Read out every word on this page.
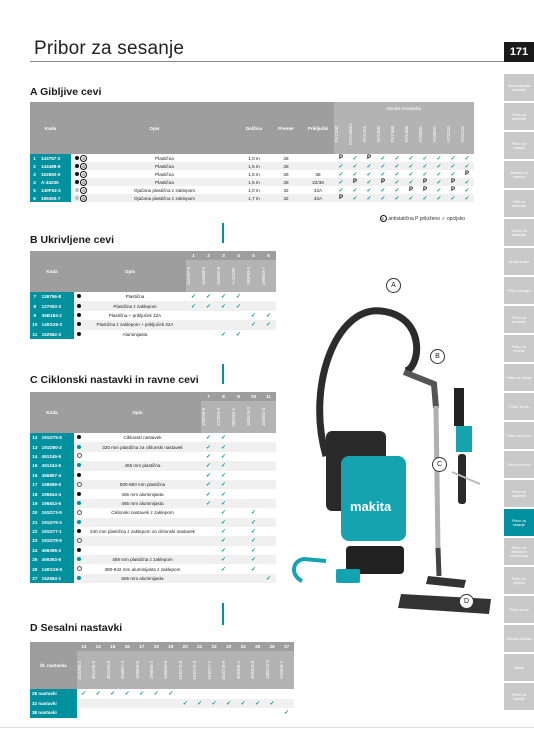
Pribor za sesanje	171
Akumulatorski sesalniki
Pribor za sesalnike
Pribor za sesanje
Nastavki za sesanje
Filtri za sesalnike
Vrečke za sesalnike
Drobni pribor
Pribor za žago
Pribor za brušenje
Pribor za rezanje
Pribor za vrtanje
Pribor za les
Pribor za kovino
Pribor za beton
Pribor za vijačenje
Pribor za sesanje
Pribor za čiščenje in vzdrževanje
Pribor za gradnjo
Pribor za vrt
Delovna oblačila
Ostalo
Pribor za baterije
A Gibljive cevi
Koda		Opis		Dolžina	Premer	Priključki	Modeli sesalnika									

							DVC260	DVC265ZX	DVC261	DVC560	DVC665	DVC660	VC008G	VC005G	VC011G	VC012G

1	143787-2	⊘	Plastična	1,0 m	28		P	✓	P	✓	✓	✓	✓	✓	✓	✓
2	144488-9	⊘	Plastična	1,5 m	28		✓	✓	✓	✓	✓	✓	✓	✓	✓	✓
3	152692-0	⊘	Plastična	1,5 m	28	38	✓	✓	✓	✓	✓	✓	✓	✓	✓	P
4	A-34235	⊘	Plastična	1,5 m	28	22/38	✓	P	✓	P	✓	✓	P	✓	P	✓
5	140F63-3	⊘	Ojačana plastična z zaklepom	1,0 m	32	32A	✓	✓	✓	✓	✓	P	P	✓	P	✓
6	199493-7	⊘	Ojačana plastična z zaklepom	1,7 m	32	32A	P	✓	✓	✓	✓	✓	✓	✓	✓	✓
⊘ antistatična P priloženo ✓ opcijsko
B Ukrivljene cevi
Koda		Opis		1	2	3	4	5	6

				143787-2	144488-9	152692-0	A-34235	140F63-3	199493-7

7	126756-8		Plastična	✓	✓	✓	✓		
8	127053-3		Plastična z zaklepom	✓	✓	✓	✓		
9	45B184-2		Plastična + priključek 32A					✓	✓
10	140G26-3		Plastična z zaklepom + priključek 32A					✓	✓
11	152562-3		Aluminijasta			✓	✓		
C Ciklonski nastavki in ravne cevi
Koda		Opis		7	8	9	10	11

				126756-8	127053-3	45B184-2	140G26-3	152562-3

12	191D75-5		Ciklonski nastavek	✓	✓			
13	191D80-2		320 mm plastična za ciklonski nastavek	✓	✓			
14	451245-5			✓	✓			
15	451244-5		465 mm plastična	✓	✓			
16	456867-4			✓	✓			
17	158559-0		500-850 mm plastična	✓	✓			
18	195844-4		465 mm aluminijasta	✓	✓			
19	195843-6		465 mm aluminijasta	✓	✓			
20	191D73-9		Ciklonski nastavek z zaklepom		✓		✓	
21	191D76-3				✓		✓	
22	191D77-1		340 mm plastična z zaklepom za ciklonski nastavek		✓		✓	
23	191D78-9				✓		✓	
24	459396-2				✓		✓	
25	459353-6		469 mm plastična z zaklepom		✓		✓	
26	140G19-0		380-942 mm aluminijasta z zaklepom		✓		✓	
27	152563-1		565 mm aluminijasta					✓
D Sesalni nastavki
Št. nastavka	13	14	15	16	17	18	19	20	21	22	23	24	25	26	27

	191D80-2	451245-5	451244-5	456867-4	158559-0	195844-4	195843-6	191D73-9	191D76-3	191D77-1	191D78-9	459396-2	459353-6	140G19-0	152563-1

28 nastavki	✓	✓	✓	✓	✓	✓	✓								
32 nastavki								✓	✓	✓	✓	✓	✓	✓	
38 nastavki															✓
makita
A
B
C
D
